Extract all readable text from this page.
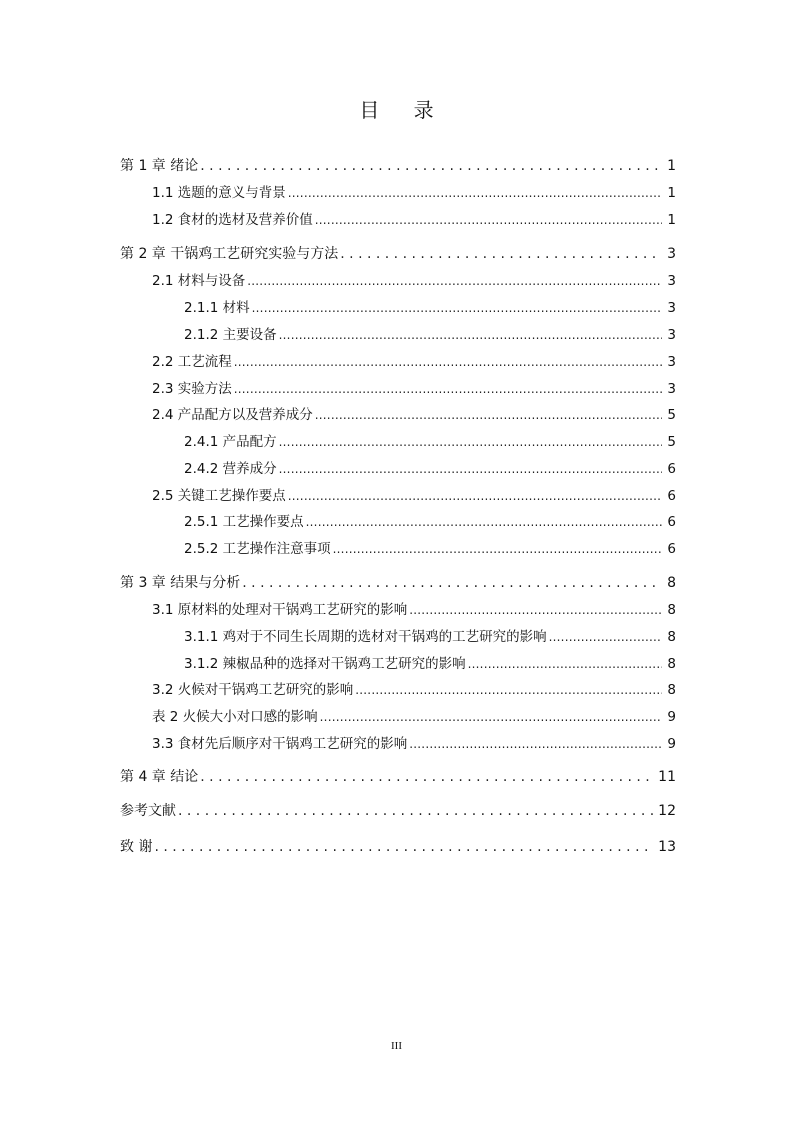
目 录
第 1 章 绪论 . . .	1
1.1 选题的意义与背景 .....	1
1.2 食材的选材及营养价值 .....	1
第 2 章 干锅鸡工艺研究实验与方法 . . .	3
2.1 材料与设备 .....	3
2.1.1 材料 .....	3
2.1.2 主要设备 .....	3
2.2 工艺流程 .....	3
2.3 实验方法 .....	3
2.4 产品配方以及营养成分 .....	5
2.4.1 产品配方 .....	5
2.4.2 营养成分 .....	6
2.5 关键工艺操作要点 .....	6
2.5.1 工艺操作要点 .....	6
2.5.2 工艺操作注意事项 .....	6
第 3 章 结果与分析 . . .	8
3.1 原材料的处理对干锅鸡工艺研究的影响 .....	8
3.1.1 鸡对于不同生长周期的选材对干锅鸡的工艺研究的影响 .....	8
3.1.2 辣椒品种的选择对干锅鸡工艺研究的影响 .....	8
3.2 火候对干锅鸡工艺研究的影响 .....	8
表 2 火候大小对口感的影响 .....	9
3.3 食材先后顺序对干锅鸡工艺研究的影响 .....	9
第 4 章 结论 . . .	11
参考文献 . . .	12
致 谢 . . .	13
III
